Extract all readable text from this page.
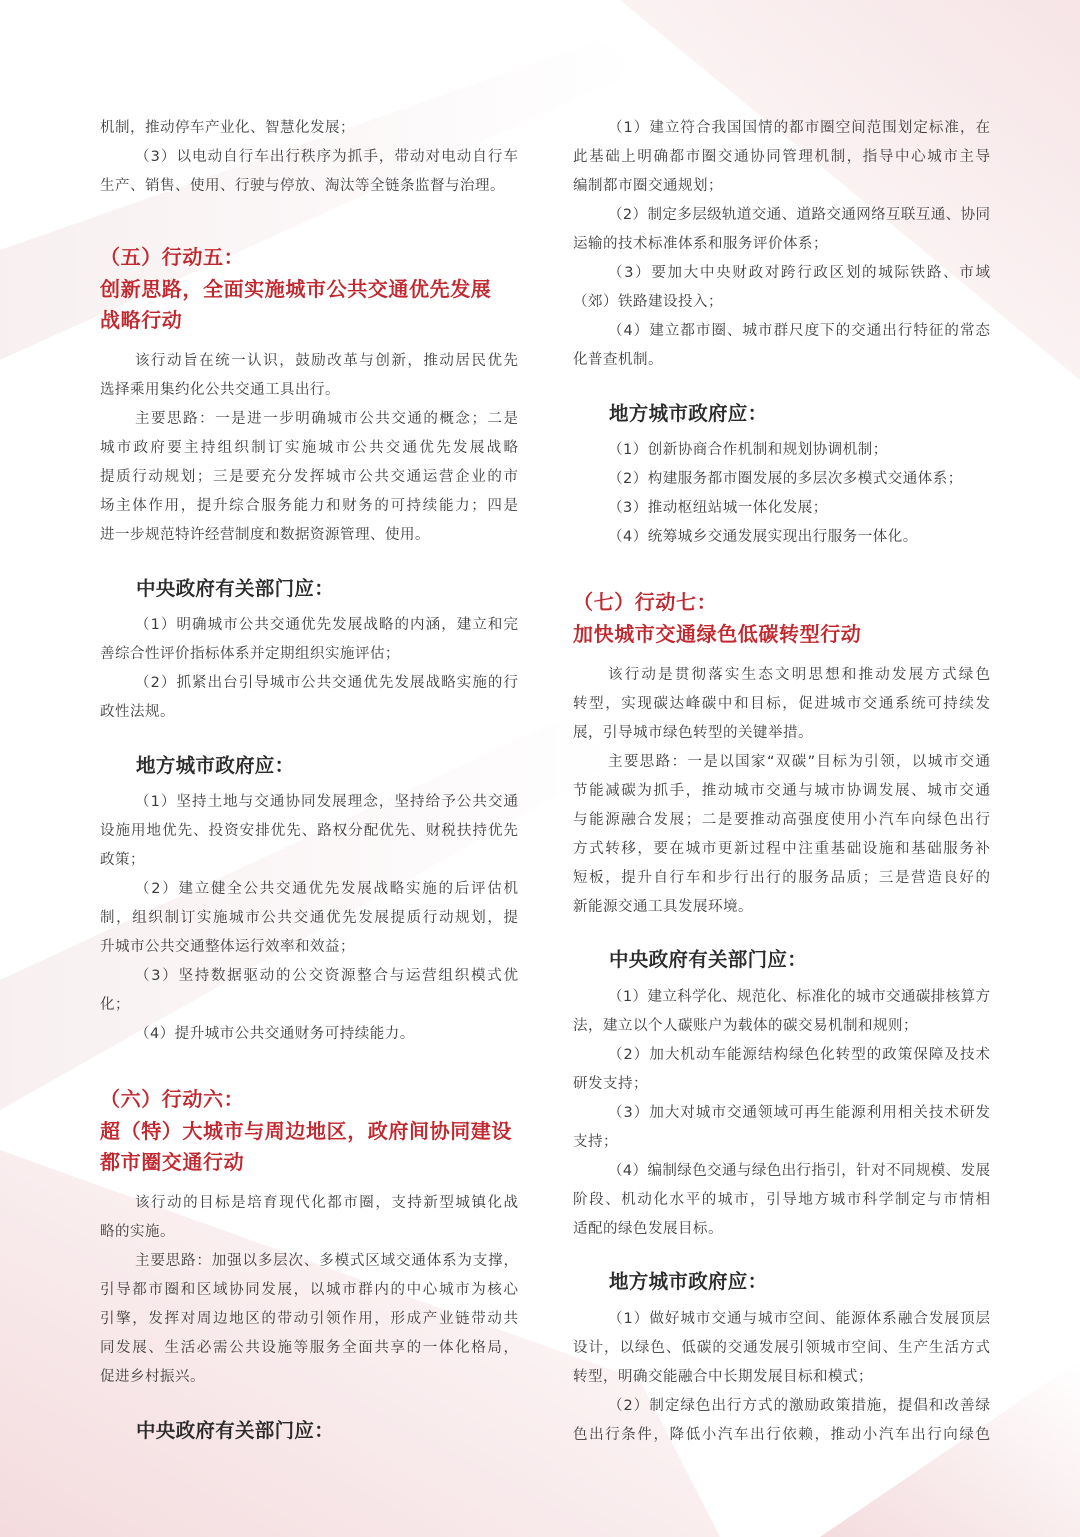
机制，推动停车产业化、智慧化发展；
（3）以电动自行车出行秩序为抓手，带动对电动自行车
生产、销售、使用、行驶与停放、淘汰等全链条监督与治理。
（五）行动五：
创新思路，全面实施城市公共交通优先发展
战略行动
该行动旨在统一认识，鼓励改革与创新，推动居民优先
选择乘用集约化公共交通工具出行。
主要思路：一是进一步明确城市公共交通的概念；二是
城市政府要主持组织制订实施城市公共交通优先发展战略
提质行动规划；三是要充分发挥城市公共交通运营企业的市
场主体作用，提升综合服务能力和财务的可持续能力；四是
进一步规范特许经营制度和数据资源管理、使用。
中央政府有关部门应：
（1）明确城市公共交通优先发展战略的内涵，建立和完
善综合性评价指标体系并定期组织实施评估；
（2）抓紧出台引导城市公共交通优先发展战略实施的行
政性法规。
地方城市政府应：
（1）坚持土地与交通协同发展理念，坚持给予公共交通
设施用地优先、投资安排优先、路权分配优先、财税扶持优先
政策；
（2）建立健全公共交通优先发展战略实施的后评估机
制，组织制订实施城市公共交通优先发展提质行动规划，提
升城市公共交通整体运行效率和效益；
（3）坚持数据驱动的公交资源整合与运营组织模式优
化；
（4）提升城市公共交通财务可持续能力。
（六）行动六：
超（特）大城市与周边地区，政府间协同建设
都市圈交通行动
该行动的目标是培育现代化都市圈，支持新型城镇化战
略的实施。
主要思路：加强以多层次、多模式区域交通体系为支撑，
引导都市圈和区域协同发展，以城市群内的中心城市为核心
引擎，发挥对周边地区的带动引领作用，形成产业链带动共
同发展、生活必需公共设施等服务全面共享的一体化格局，
促进乡村振兴。
中央政府有关部门应：
（1）建立符合我国国情的都市圈空间范围划定标准，在
此基础上明确都市圈交通协同管理机制，指导中心城市主导
编制都市圈交通规划；
（2）制定多层级轨道交通、道路交通网络互联互通、协同
运输的技术标准体系和服务评价体系；
（3）要加大中央财政对跨行政区划的城际铁路、市域
（郊）铁路建设投入；
（4）建立都市圈、城市群尺度下的交通出行特征的常态
化普查机制。
地方城市政府应：
（1）创新协商合作机制和规划协调机制；
（2）构建服务都市圈发展的多层次多模式交通体系；
（3）推动枢纽站城一体化发展；
（4）统筹城乡交通发展实现出行服务一体化。
（七）行动七：
加快城市交通绿色低碳转型行动
该行动是贯彻落实生态文明思想和推动发展方式绿色
转型，实现碳达峰碳中和目标，促进城市交通系统可持续发
展，引导城市绿色转型的关键举措。
主要思路：一是以国家“双碳”目标为引领，以城市交通
节能减碳为抓手，推动城市交通与城市协调发展、城市交通
与能源融合发展；二是要推动高强度使用小汽车向绿色出行
方式转移，要在城市更新过程中注重基础设施和基础服务补
短板，提升自行车和步行出行的服务品质；三是营造良好的
新能源交通工具发展环境。
中央政府有关部门应：
（1）建立科学化、规范化、标准化的城市交通碳排核算方
法，建立以个人碳账户为载体的碳交易机制和规则；
（2）加大机动车能源结构绿色化转型的政策保障及技术
研发支持；
（3）加大对城市交通领域可再生能源利用相关技术研发
支持；
（4）编制绿色交通与绿色出行指引，针对不同规模、发展
阶段、机动化水平的城市，引导地方城市科学制定与市情相
适配的绿色发展目标。
地方城市政府应：
（1）做好城市交通与城市空间、能源体系融合发展顶层
设计，以绿色、低碳的交通发展引领城市空间、生产生活方式
转型，明确交能融合中长期发展目标和模式；
（2）制定绿色出行方式的激励政策措施，提倡和改善绿
色出行条件，降低小汽车出行依赖，推动小汽车出行向绿色
